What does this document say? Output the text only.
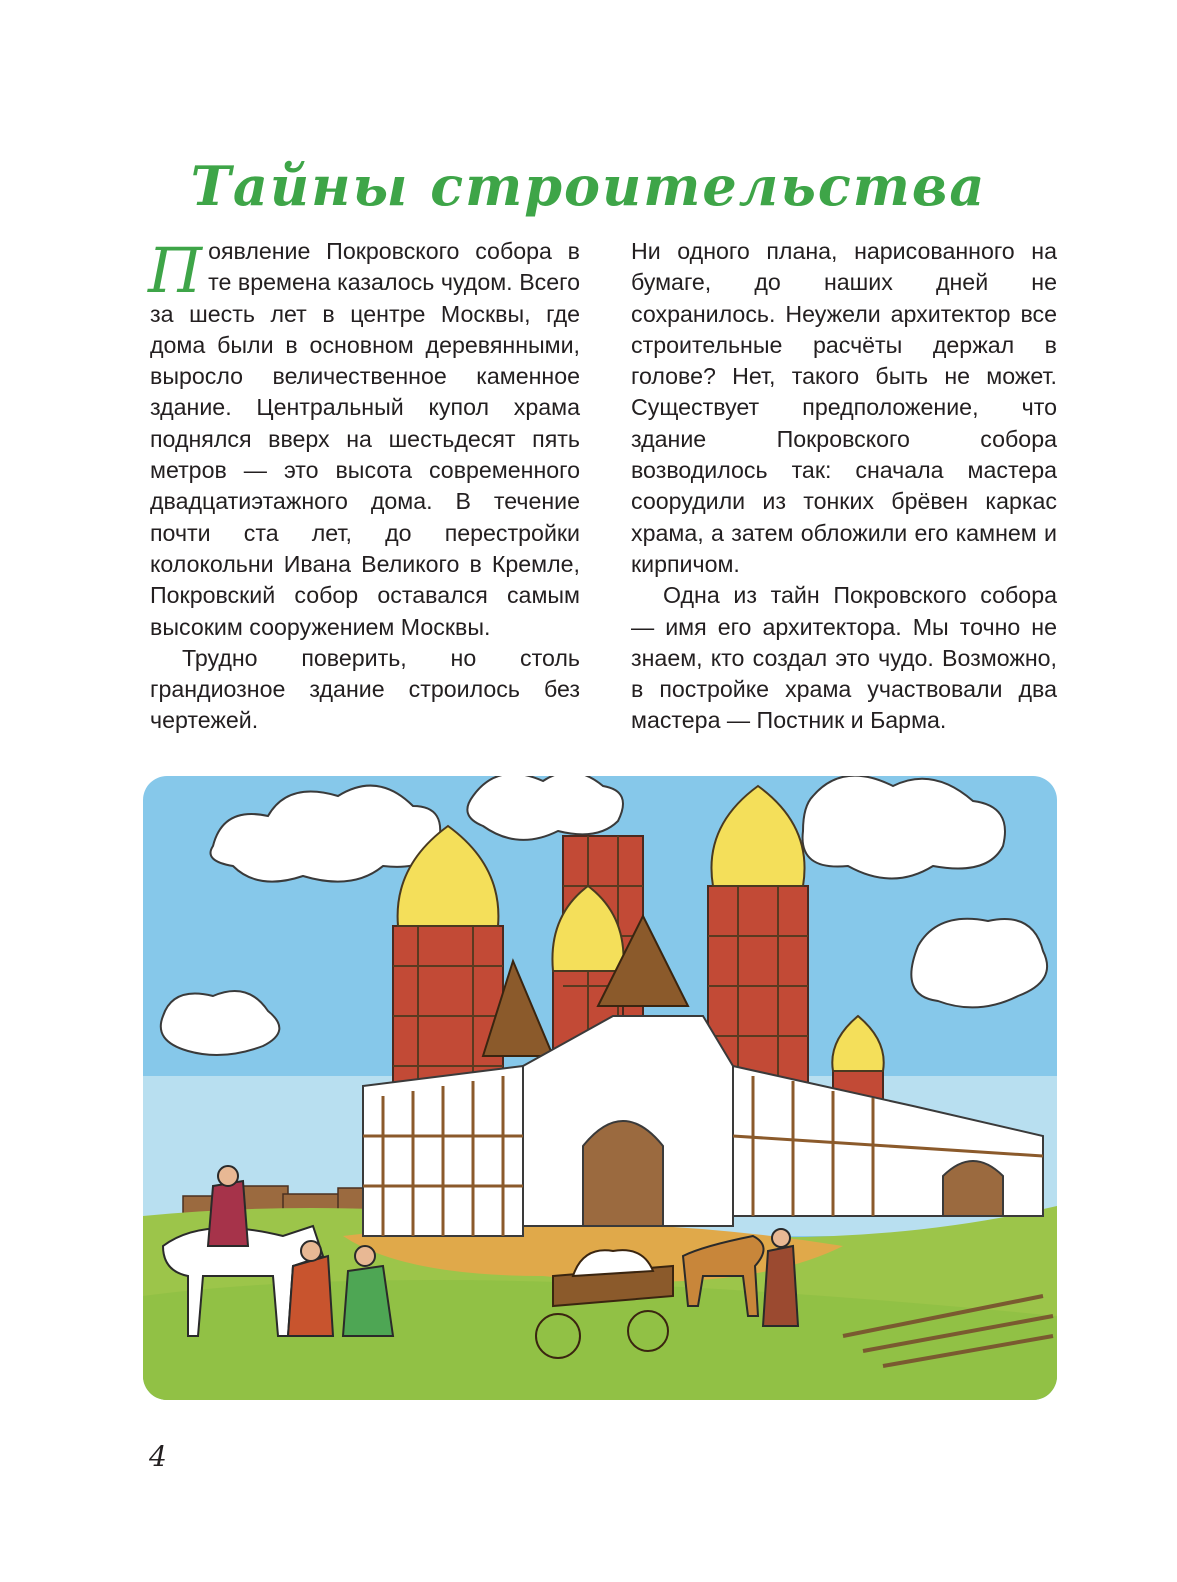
Тайны строительства

Появление Покровского собора в те времена казалось чудом. Всего за шесть лет в центре Москвы, где дома были в основном деревянными, выросло величественное каменное здание. Центральный купол храма поднялся вверх на шестьдесят пять метров — это высота современного двадцатиэтажного дома. В течение почти ста лет, до перестройки колокольни Ивана Великого в Кремле, Покровский собор оставался самым высоким сооружением Москвы.

Трудно поверить, но столь грандиозное здание строилось без чертежей.

Ни одного плана, нарисованного на бумаге, до наших дней не сохранилось. Неужели архитектор все строительные расчёты держал в голове? Нет, такого быть не может. Существует предположение, что здание Покровского собора возводилось так: сначала мастера соорудили из тонких брёвен каркас храма, а затем обложили его камнем и кирпичом.

Одна из тайн Покровского собора — имя его архитектора. Мы точно не знаем, кто создал это чудо. Возможно, в постройке храма участвовали два мастера — Постник и Барма.

4
